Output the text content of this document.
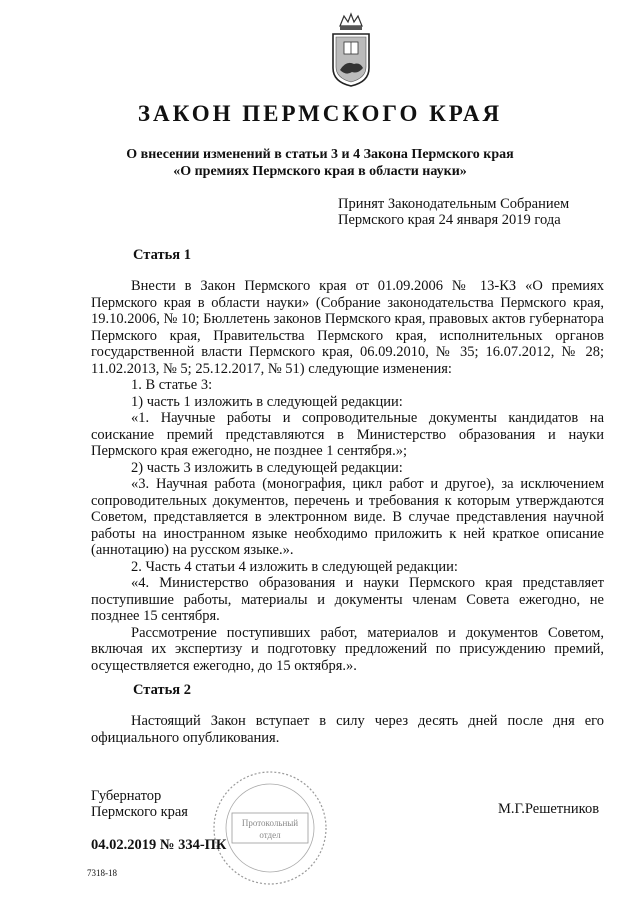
ЗАКОН ПЕРМСКОГО КРАЯ
О внесении изменений в статьи 3 и 4 Закона Пермского края
«О премиях Пермского края в области науки»
Принят Законодательным Собранием
Пермского края 24 января 2019 года
Статья 1

Внести в Закон Пермского края от 01.09.2006 № 13-КЗ «О премиях Пермского края в области науки» (Собрание законодательства Пермского края, 19.10.2006, № 10; Бюллетень законов Пермского края, правовых актов губернатора Пермского края, Правительства Пермского края, исполнительных органов государственной власти Пермского края, 06.09.2010, № 35; 16.07.2012, № 28; 11.02.2013, № 5; 25.12.2017, № 51) следующие изменения:

1. В статье 3:

1) часть 1 изложить в следующей редакции:

«1. Научные работы и сопроводительные документы кандидатов на соискание премий представляются в Министерство образования и науки Пермского края ежегодно, не позднее 1 сентября.»;

2) часть 3 изложить в следующей редакции:

«3. Научная работа (монография, цикл работ и другое), за исключением сопроводительных документов, перечень и требования к которым утверждаются Советом, представляется в электронном виде. В случае представления научной работы на иностранном языке необходимо приложить к ней краткое описание (аннотацию) на русском языке.».

2. Часть 4 статьи 4 изложить в следующей редакции:

«4. Министерство образования и науки Пермского края представляет поступившие работы, материалы и документы членам Совета ежегодно, не позднее 15 сентября.

Рассмотрение поступивших работ, материалов и документов Советом, включая их экспертизу и подготовку предложений по присуждению премий, осуществляется ежегодно, до 15 октября.».

Статья 2

Настоящий Закон вступает в силу через десять дней после дня его официального опубликования.

Губернатор
Пермского края	М.Г.Решетников
Протокольный
отдел
04.02.2019 № 334-ПК
7318-18
